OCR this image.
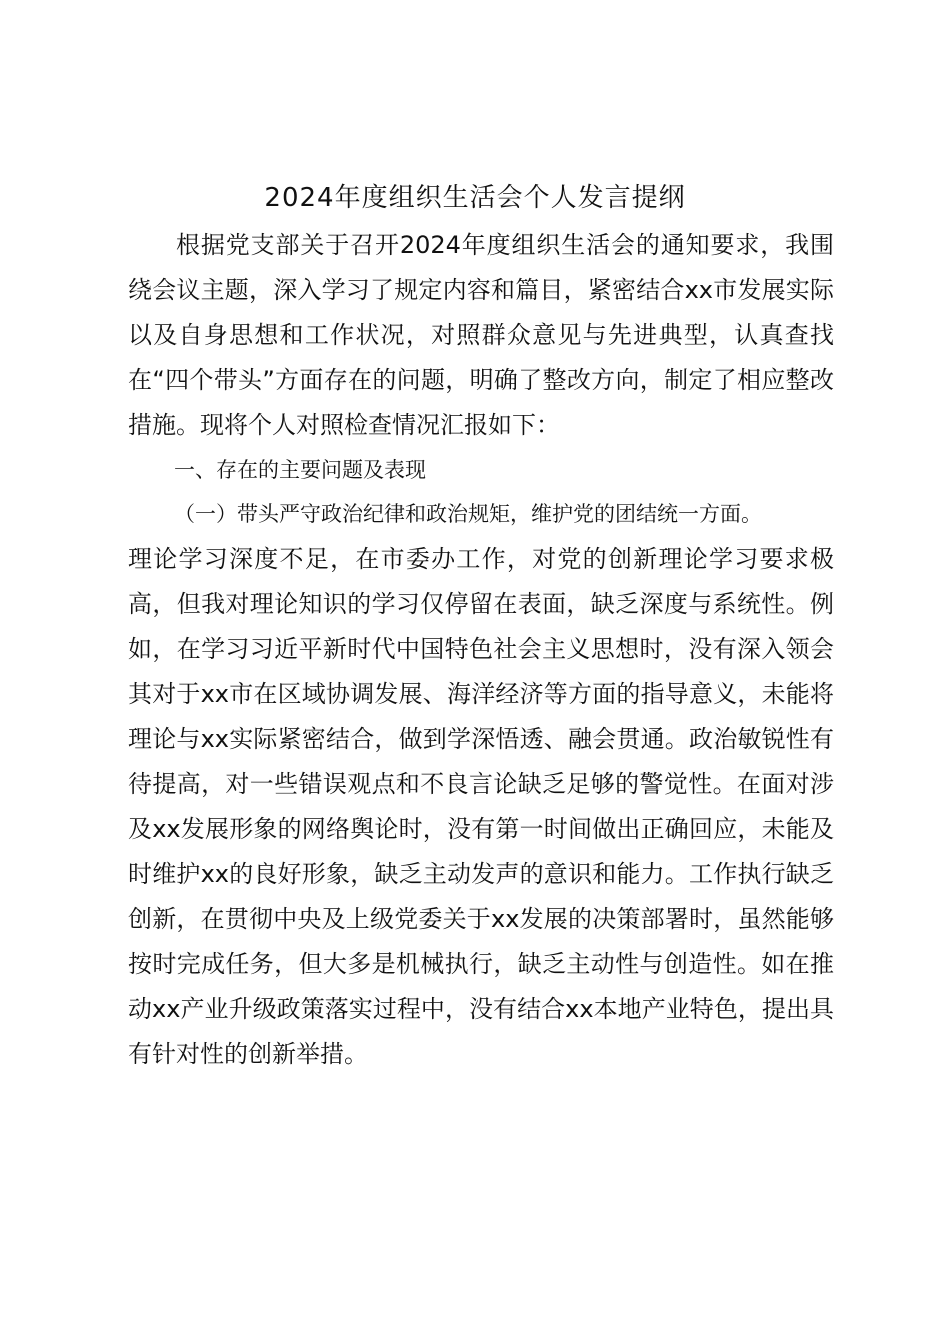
2024年度组织生活会个人发言提纲
根据党支部关于召开2024年度组织生活会的通知要求，我围绕会议主题，深入学习了规定内容和篇目，紧密结合xx市发展实际以及自身思想和工作状况，对照群众意见与先进典型，认真查找在“四个带头”方面存在的问题，明确了整改方向，制定了相应整改措施。现将个人对照检查情况汇报如下：
一、存在的主要问题及表现
（一）带头严守政治纪律和政治规矩，维护党的团结统一方面。
理论学习深度不足，在市委办工作，对党的创新理论学习要求极高，但我对理论知识的学习仅停留在表面，缺乏深度与系统性。例如，在学习习近平新时代中国特色社会主义思想时，没有深入领会其对于xx市在区域协调发展、海洋经济等方面的指导意义，未能将理论与xx实际紧密结合，做到学深悟透、融会贯通。政治敏锐性有待提高，对一些错误观点和不良言论缺乏足够的警觉性。在面对涉及xx发展形象的网络舆论时，没有第一时间做出正确回应，未能及时维护xx的良好形象，缺乏主动发声的意识和能力。工作执行缺乏创新，在贯彻中央及上级党委关于xx发展的决策部署时，虽然能够按时完成任务，但大多是机械执行，缺乏主动性与创造性。如在推动xx产业升级政策落实过程中，没有结合xx本地产业特色，提出具有针对性的创新举措。
